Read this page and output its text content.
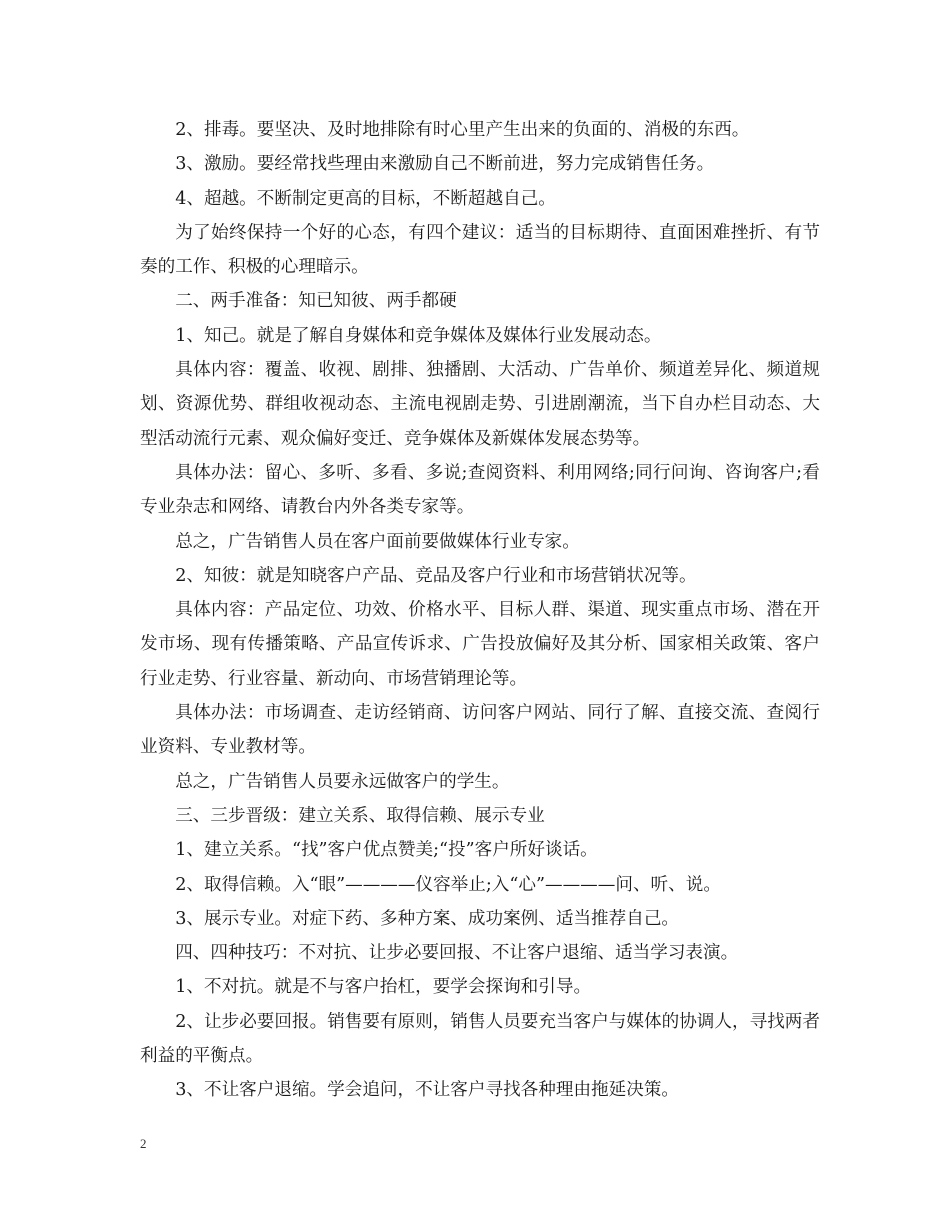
2、排毒。要坚决、及时地排除有时心里产生出来的负面的、消极的东西。

3、激励。要经常找些理由来激励自己不断前进，努力完成销售任务。

4、超越。不断制定更高的目标，不断超越自己。

为了始终保持一个好的心态，有四个建议：适当的目标期待、直面困难挫折、有节奏的工作、积极的心理暗示。

二、两手准备：知已知彼、两手都硬

1、知己。就是了解自身媒体和竞争媒体及媒体行业发展动态。

具体内容：覆盖、收视、剧排、独播剧、大活动、广告单价、频道差异化、频道规划、资源优势、群组收视动态、主流电视剧走势、引进剧潮流，当下自办栏目动态、大型活动流行元素、观众偏好变迁、竞争媒体及新媒体发展态势等。

具体办法：留心、多听、多看、多说;查阅资料、利用网络;同行问询、咨询客户;看专业杂志和网络、请教台内外各类专家等。

总之，广告销售人员在客户面前要做媒体行业专家。

2、知彼：就是知晓客户产品、竞品及客户行业和市场营销状况等。

具体内容：产品定位、功效、价格水平、目标人群、渠道、现实重点市场、潜在开发市场、现有传播策略、产品宣传诉求、广告投放偏好及其分析、国家相关政策、客户行业走势、行业容量、新动向、市场营销理论等。

具体办法：市场调查、走访经销商、访问客户网站、同行了解、直接交流、查阅行业资料、专业教材等。

总之，广告销售人员要永远做客户的学生。

三、三步晋级：建立关系、取得信赖、展示专业

1、建立关系。“找”客户优点赞美;“投”客户所好谈话。

2、取得信赖。入“眼”————仪容举止;入“心”————问、听、说。

3、展示专业。对症下药、多种方案、成功案例、适当推荐自己。

四、四种技巧：不对抗、让步必要回报、不让客户退缩、适当学习表演。

1、不对抗。就是不与客户抬杠，要学会探询和引导。

2、让步必要回报。销售要有原则，销售人员要充当客户与媒体的协调人，寻找两者利益的平衡点。

3、不让客户退缩。学会追问，不让客户寻找各种理由拖延决策。

2
